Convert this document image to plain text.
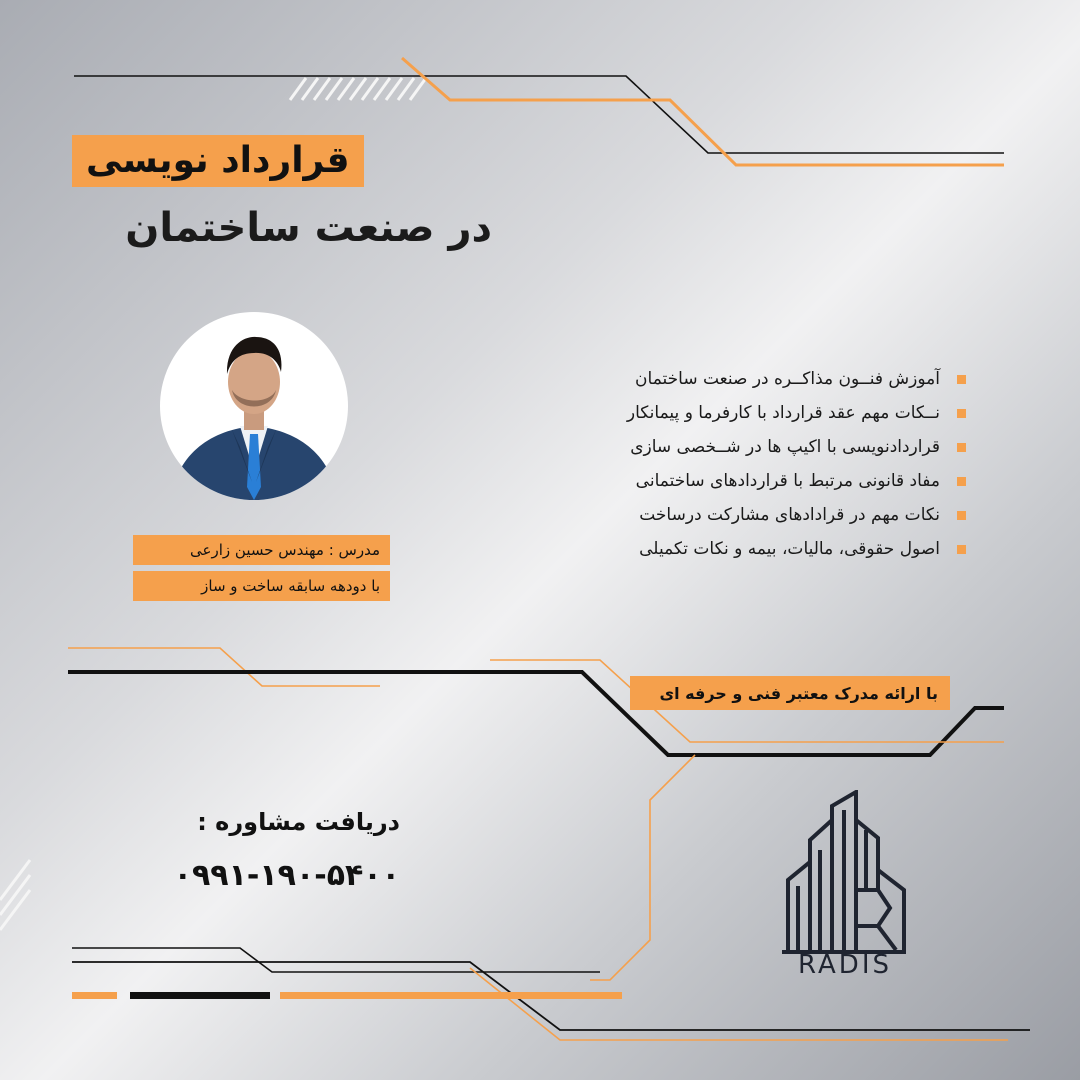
قرارداد نویسی
در صنعت ساختمان
مدرس : مهندس حسین زارعی
با دودهه سابقه ساخت و ساز
آموزش فنــون مذاکــره در صنعت ساختمان
نــکات مهم عقد قرارداد با کارفرما و پیمانکار
قراردادنویسی با اکیپ ها در شــخصی سازی
مفاد قانونی مرتبط با قراردادهای ساختمانی
نکات مهم در قرادادهای مشارکت درساخت
اصول حقوقی، مالیات، بیمه و نکات تکمیلی
با ارائه مدرک معتبر فنی و حرفه ای
دریافت مشاوره :
۰۹۹۱-۱۹۰-۵۴۰۰
RADIS
